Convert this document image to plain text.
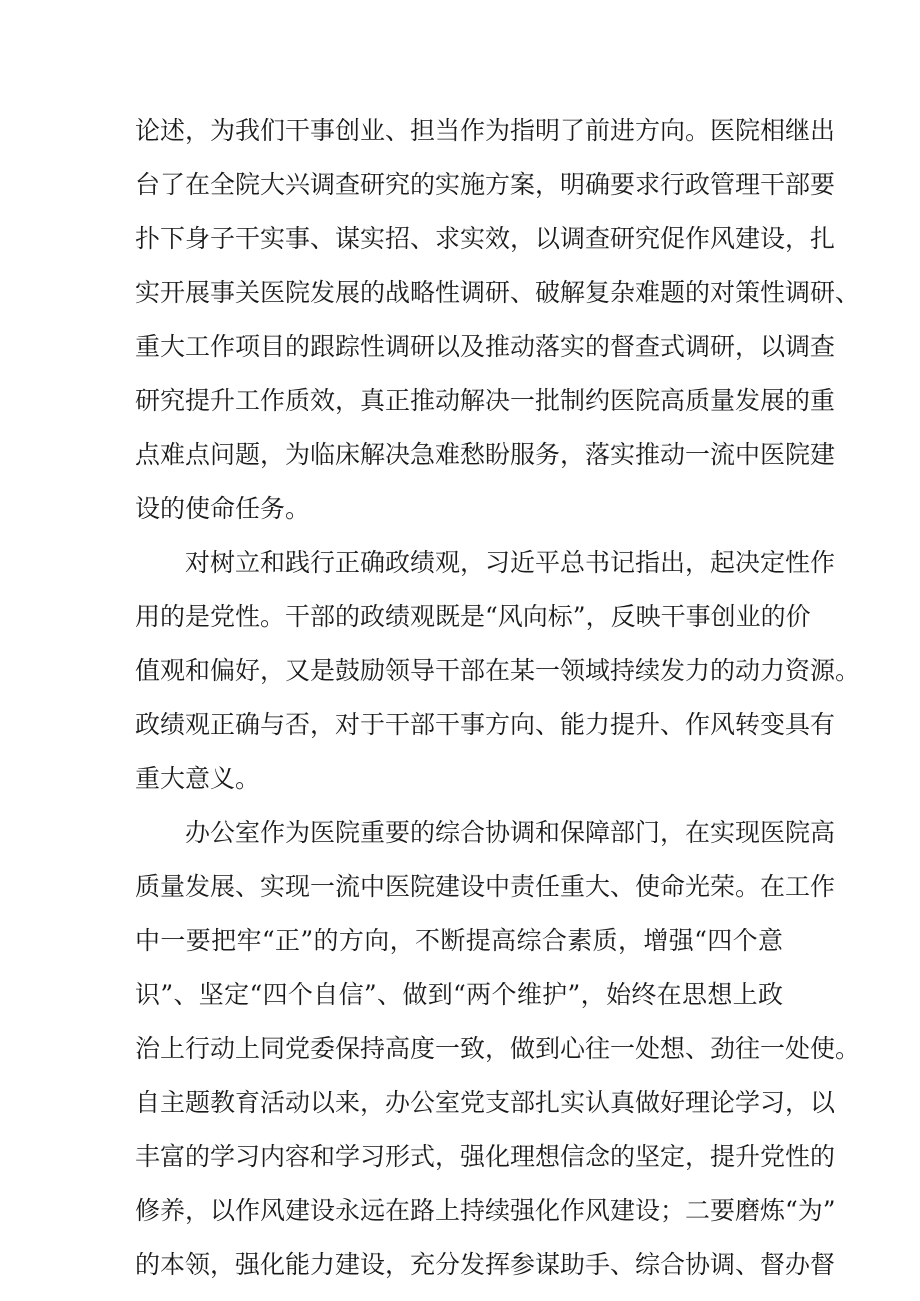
论述，为我们干事创业、担当作为指明了前进方向。医院相继出
台了在全院大兴调查研究的实施方案，明确要求行政管理干部要
扑下身子干实事、谋实招、求实效，以调查研究促作风建设，扎
实开展事关医院发展的战略性调研、破解复杂难题的对策性调研、
重大工作项目的跟踪性调研以及推动落实的督查式调研，以调查
研究提升工作质效，真正推动解决一批制约医院高质量发展的重
点难点问题，为临床解决急难愁盼服务，落实推动一流中医院建
设的使命任务。
对树立和践行正确政绩观，习近平总书记指出，起决定性作
用的是党性。干部的政绩观既是“风向标”，反映干事创业的价
值观和偏好，又是鼓励领导干部在某一领域持续发力的动力资源。
政绩观正确与否，对于干部干事方向、能力提升、作风转变具有
重大意义。
办公室作为医院重要的综合协调和保障部门，在实现医院高
质量发展、实现一流中医院建设中责任重大、使命光荣。在工作
中一要把牢“正”的方向，不断提高综合素质，增强“四个意
识”、坚定“四个自信”、做到“两个维护”，始终在思想上政
治上行动上同党委保持高度一致，做到心往一处想、劲往一处使。
自主题教育活动以来，办公室党支部扎实认真做好理论学习，以
丰富的学习内容和学习形式，强化理想信念的坚定，提升党性的
修养，以作风建设永远在路上持续强化作风建设；二要磨炼“为”
的本领，强化能力建设，充分发挥参谋助手、综合协调、督办督
